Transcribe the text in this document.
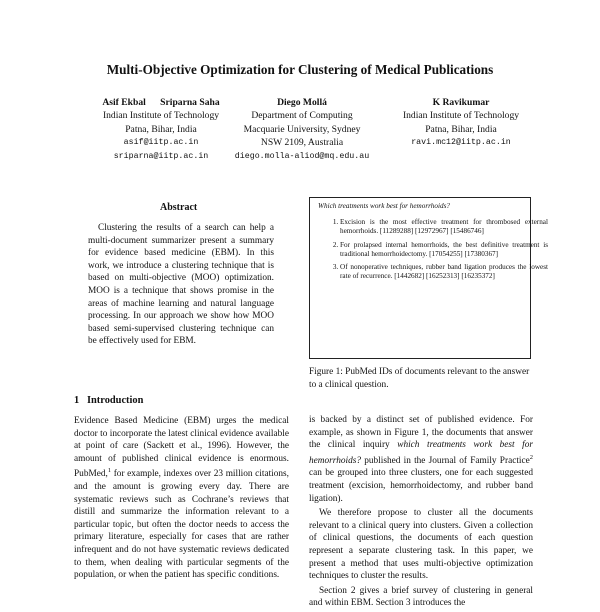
Multi-Objective Optimization for Clustering of Medical Publications
Asif Ekbal      Sriparna Saha
Indian Institute of Technology
Patna, Bihar, India
asif@iitp.ac.in
sriparna@iitp.ac.in
Diego Mollá
Department of Computing
Macquarie University, Sydney
NSW 2109, Australia
diego.molla-aliod@mq.edu.au
K Ravikumar
Indian Institute of Technology
Patna, Bihar, India
ravi.mc12@iitp.ac.in
Abstract
Clustering the results of a search can help a multi-document summarizer present a summary for evidence based medicine (EBM). In this work, we introduce a clustering technique that is based on multi-objective (MOO) optimization. MOO is a technique that shows promise in the areas of machine learning and natural language processing. In our approach we show how MOO based semi-supervised clustering technique can be effectively used for EBM.
1   Introduction

Evidence Based Medicine (EBM) urges the medical doctor to incorporate the latest clinical evidence available at point of care (Sackett et al., 1996). However, the amount of published clinical evidence is enormous. PubMed,$^1$ for example, indexes over 23 million citations, and the amount is growing every day. There are systematic reviews such as Cochrane’s reviews that distill and summarize the information relevant to a particular topic, but often the doctor needs to access the primary literature, especially for cases that are rather infrequent and do not have systematic reviews dedicated to them, when dealing with particular segments of the population, or when the patient has specific conditions.

Which treatments work best for hemorrhoids?
1. Excision is the most effective treatment for thrombosed external hemorrhoids. [11289288] [12972967] [15486746]
2. For prolapsed internal hemorrhoids, the best definitive treatment is traditional hemorrhoidectomy. [17054255] [17380367]
3. Of nonoperative techniques, rubber band ligation produces the lowest rate of recurrence. [1442682] [16252313] [16235372]
Figure 1: PubMed IDs of documents relevant to the answer to a clinical question.

is backed by a distinct set of published evidence. For example, as shown in Figure 1, the documents that answer the clinical inquiry which treatments work best for hemorrhoids? published in the Journal of Family Practice$^2$ can be grouped into three clusters, one for each suggested treatment (excision, hemorrhoidectomy, and rubber band ligation).

We therefore propose to cluster all the documents relevant to a clinical query into clusters. Given a collection of clinical questions, the documents of each question represent a separate clustering task. In this paper, we present a method that uses multi-objective optimization techniques to cluster the results.

Section 2 gives a brief survey of clustering in general and within EBM. Section 3 introduces the
